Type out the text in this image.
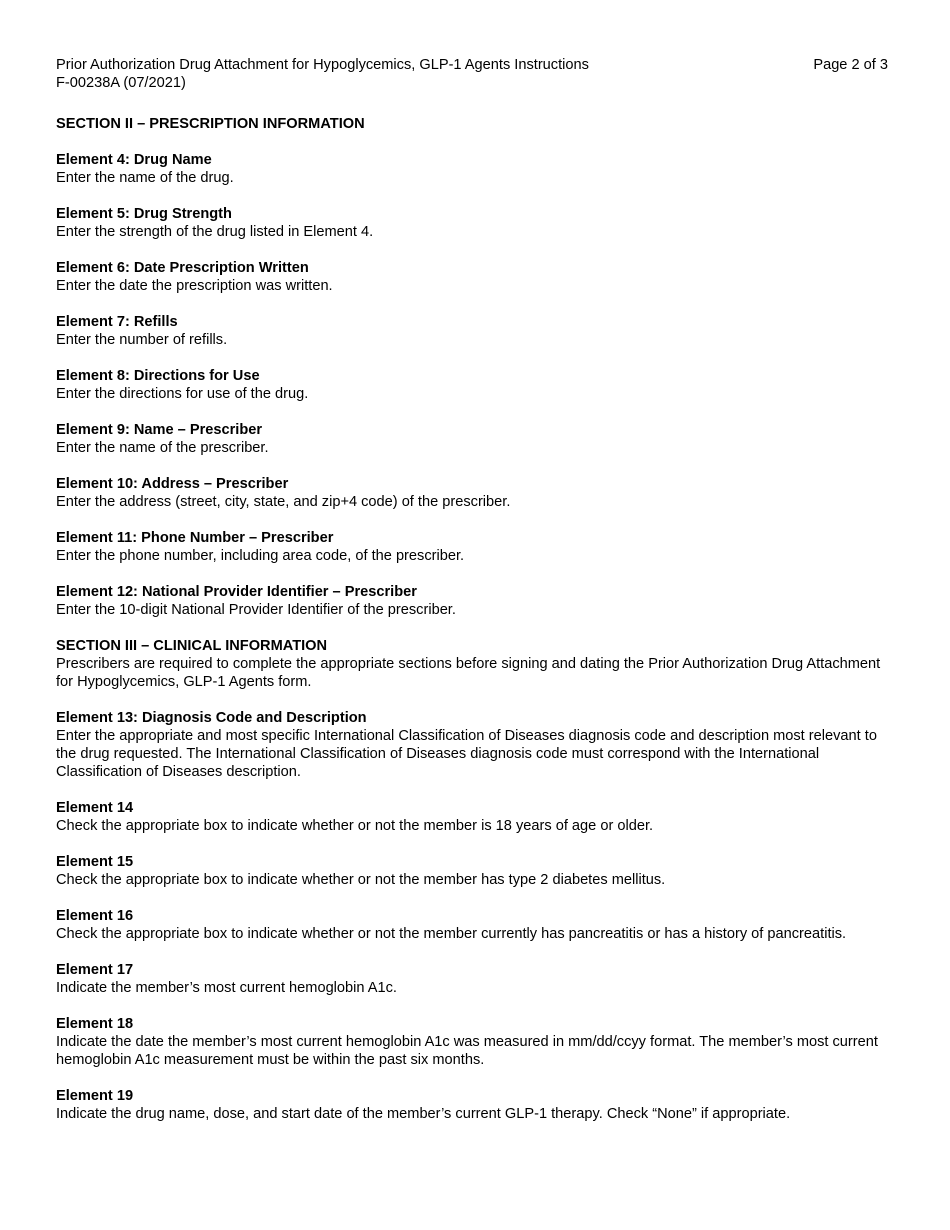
Prior Authorization Drug Attachment for Hypoglycemics, GLP-1 Agents Instructions
F-00238A (07/2021)
Page 2 of 3
SECTION II – PRESCRIPTION INFORMATION
Element 4: Drug Name
Enter the name of the drug.
Element 5: Drug Strength
Enter the strength of the drug listed in Element 4.
Element 6: Date Prescription Written
Enter the date the prescription was written.
Element 7: Refills
Enter the number of refills.
Element 8: Directions for Use
Enter the directions for use of the drug.
Element 9: Name – Prescriber
Enter the name of the prescriber.
Element 10: Address – Prescriber
Enter the address (street, city, state, and zip+4 code) of the prescriber.
Element 11: Phone Number – Prescriber
Enter the phone number, including area code, of the prescriber.
Element 12: National Provider Identifier – Prescriber
Enter the 10-digit National Provider Identifier of the prescriber.
SECTION III – CLINICAL INFORMATION
Prescribers are required to complete the appropriate sections before signing and dating the Prior Authorization Drug Attachment for Hypoglycemics, GLP-1 Agents form.
Element 13: Diagnosis Code and Description
Enter the appropriate and most specific International Classification of Diseases diagnosis code and description most relevant to the drug requested. The International Classification of Diseases diagnosis code must correspond with the International Classification of Diseases description.
Element 14
Check the appropriate box to indicate whether or not the member is 18 years of age or older.
Element 15
Check the appropriate box to indicate whether or not the member has type 2 diabetes mellitus.
Element 16
Check the appropriate box to indicate whether or not the member currently has pancreatitis or has a history of pancreatitis.
Element 17
Indicate the member’s most current hemoglobin A1c.
Element 18
Indicate the date the member’s most current hemoglobin A1c was measured in mm/dd/ccyy format. The member’s most current hemoglobin A1c measurement must be within the past six months.
Element 19
Indicate the drug name, dose, and start date of the member’s current GLP-1 therapy. Check “None” if appropriate.
